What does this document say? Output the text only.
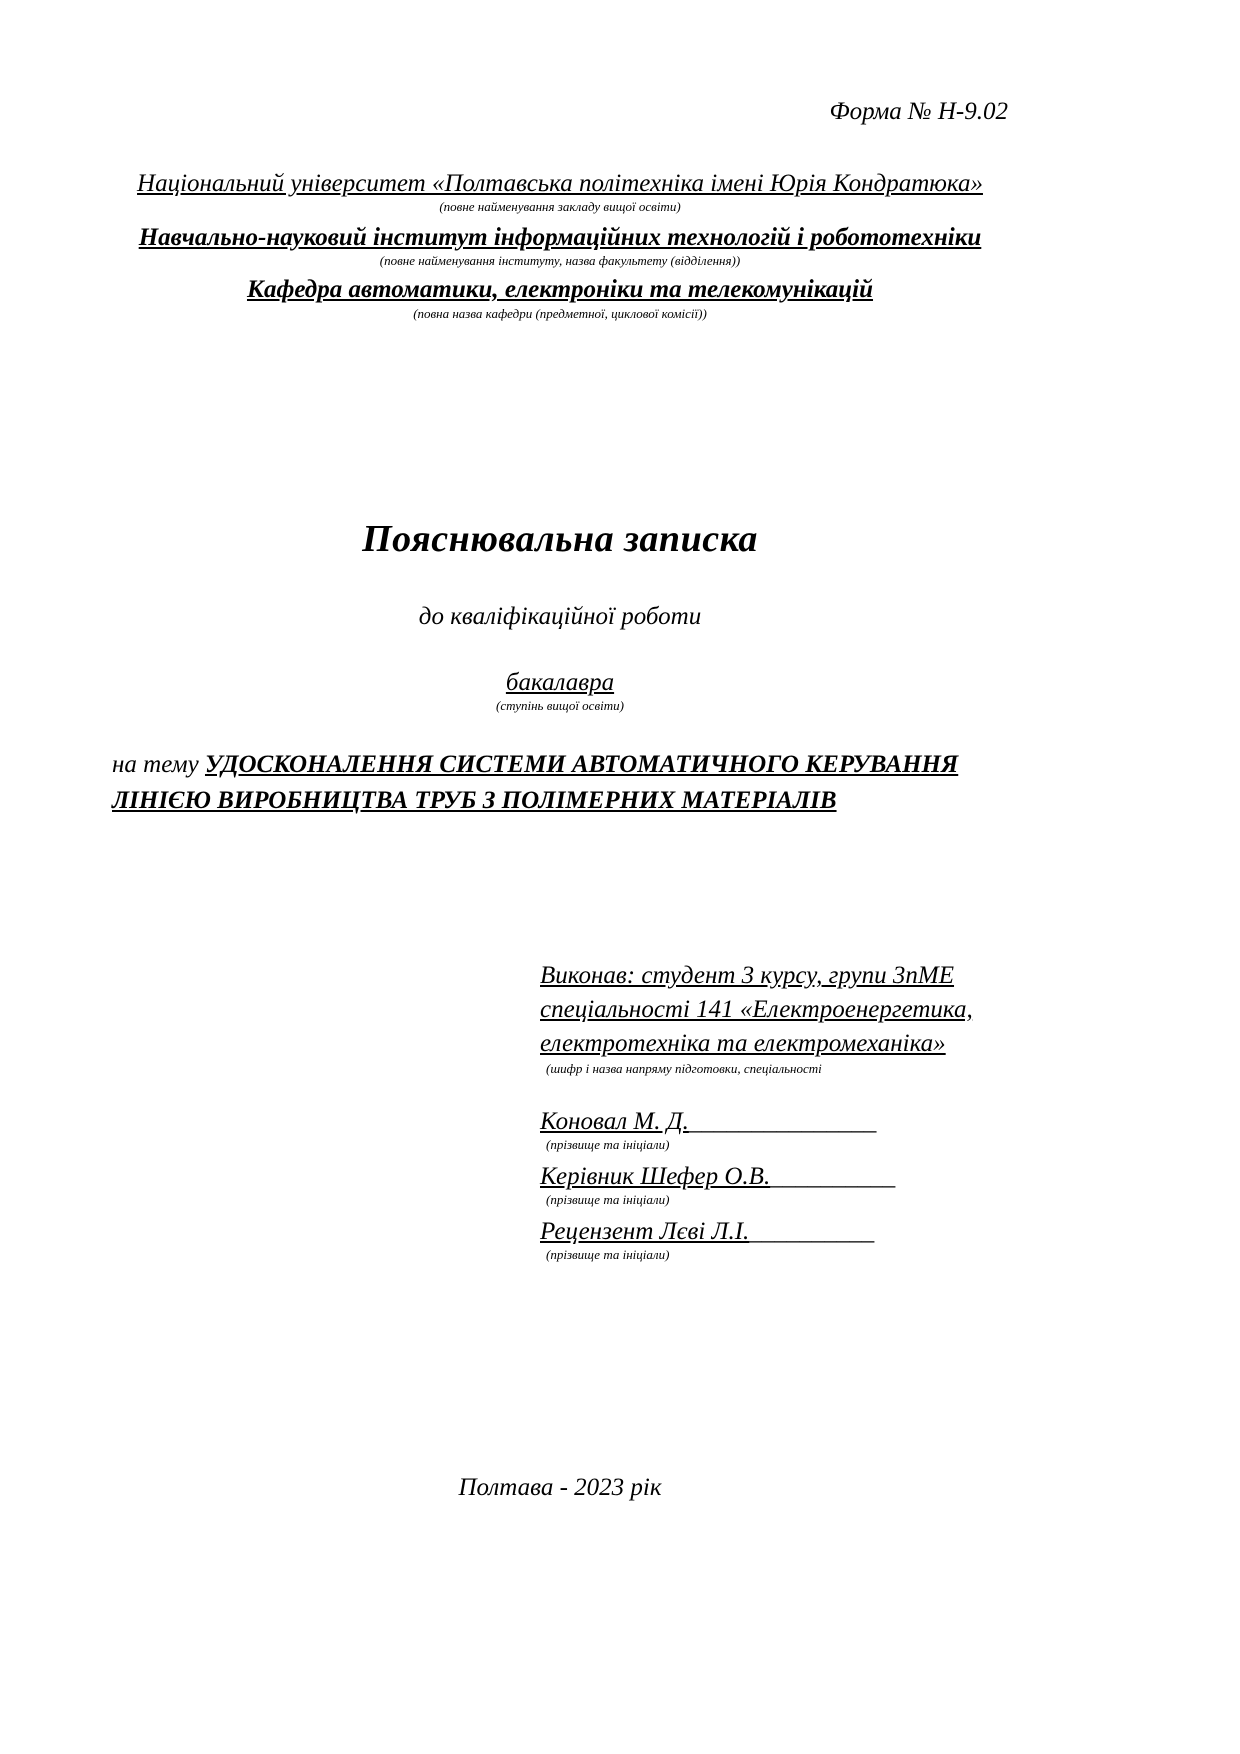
Форма № Н-9.02
Національний університет «Полтавська політехніка імені Юрія Кондратюка»
(повне найменування закладу вищої освіти)
Навчально-науковий інститут інформаційних технологій і робототехніки
(повне найменування інституту, назва факультету (відділення))
Кафедра автоматики, електроніки та телекомунікацій
(повна назва кафедри (предметної, циклової комісії))
Пояснювальна записка
до кваліфікаційної роботи
бакалавра
(ступінь вищої освіти)

на тему УДОСКОНАЛЕННЯ СИСТЕМИ АВТОМАТИЧНОГО КЕРУВАННЯ ЛІНІЄЮ ВИРОБНИЦТВА ТРУБ З ПОЛІМЕРНИХ МАТЕРІАЛІВ

Виконав: студент 3 курсу, групи 3пМЕ
спеціальності 141 «Електроенергетика,
електротехніка та електромеханіка»
(шифр і назва напряму підготовки, спеціальності
Коновал М. Д._______________
(прізвище та ініціали)
Керівник Шефер О.В.__________
(прізвище та ініціали)
Рецензент Лєві Л.І.__________
(прізвище та ініціали)
Полтава - 2023 рік
